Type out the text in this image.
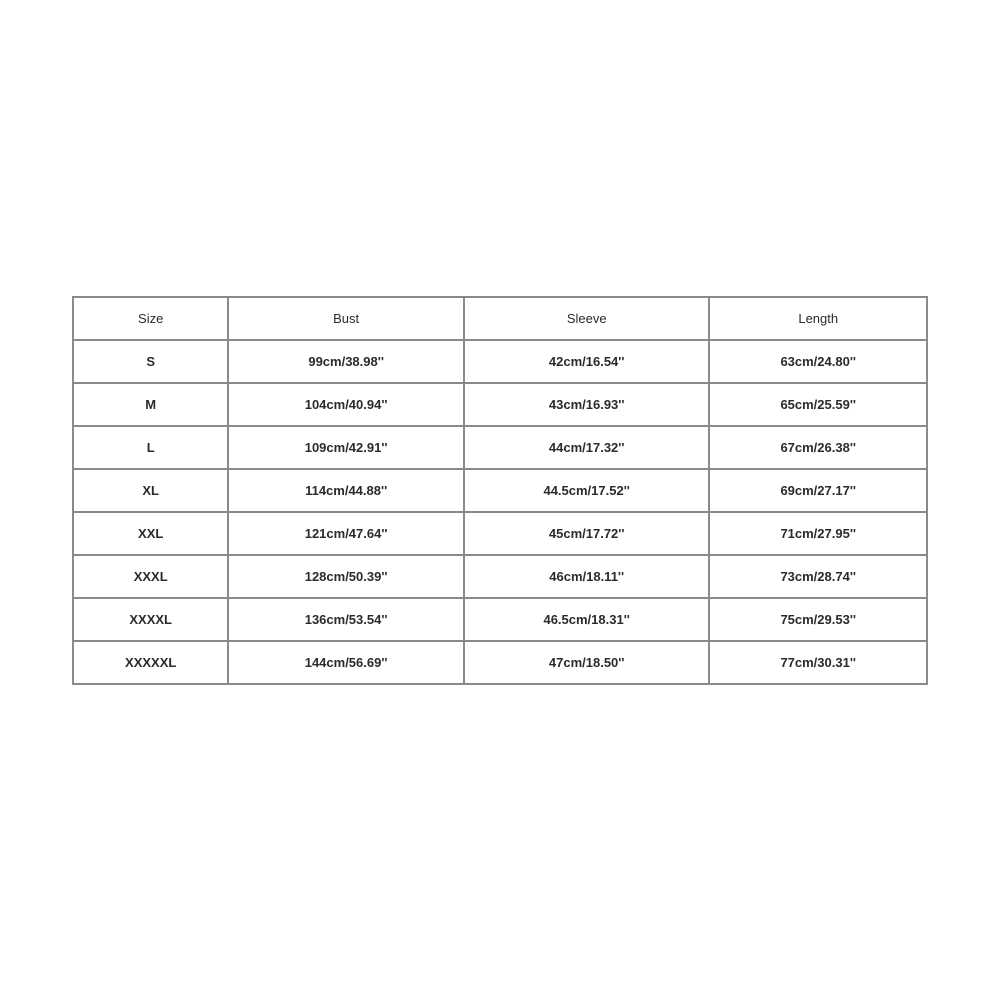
Size	Bust	Sleeve	Length
S	99cm/38.98''	42cm/16.54''	63cm/24.80''
M	104cm/40.94''	43cm/16.93''	65cm/25.59''
L	109cm/42.91''	44cm/17.32''	67cm/26.38''
XL	114cm/44.88''	44.5cm/17.52''	69cm/27.17''
XXL	121cm/47.64''	45cm/17.72''	71cm/27.95''
XXXL	128cm/50.39''	46cm/18.11''	73cm/28.74''
XXXXL	136cm/53.54''	46.5cm/18.31''	75cm/29.53''
XXXXXL	144cm/56.69''	47cm/18.50''	77cm/30.31''
